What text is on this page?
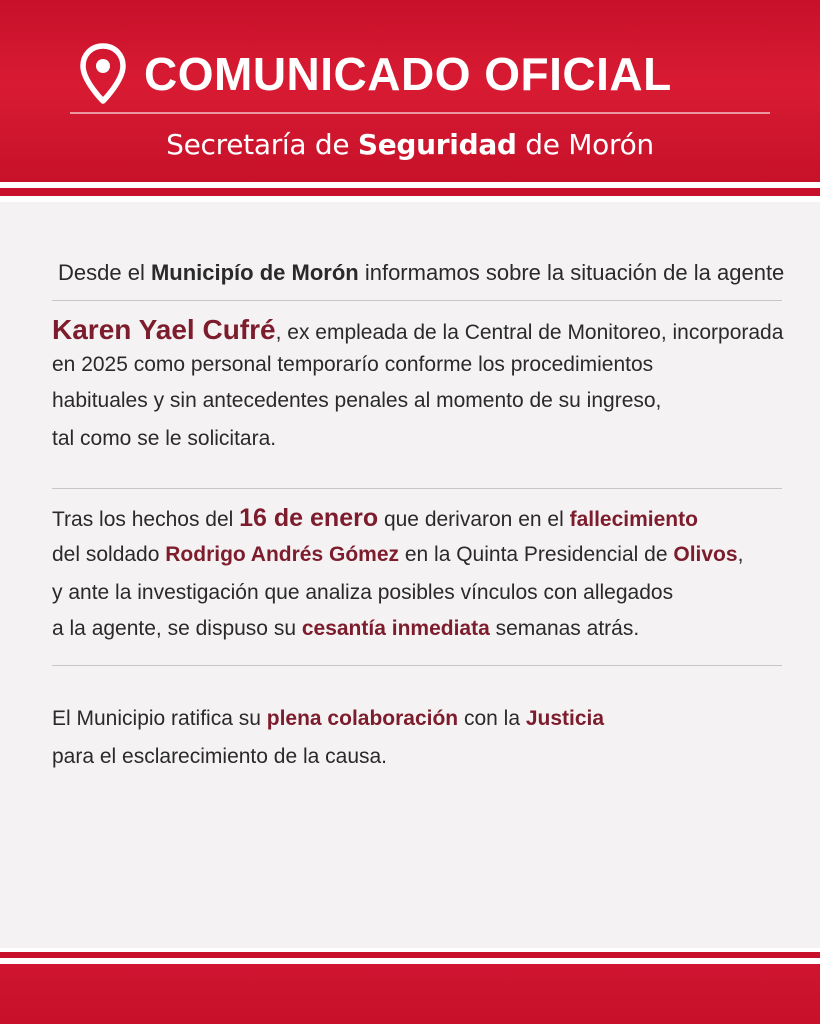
COMUNICADO OFICIAL
Secretaría de Seguridad de Morón
Desde el Municipío de Morón informamos sobre la situación de la agente
Karen Yael Cufré, ex empleada de la Central de Monitoreo, incorporada
en 2025 como personal temporarío conforme los procedimientos
habituales y sin antecedentes penales al momento de su ingreso,
tal como se le solicitara.
Tras los hechos del 16 de enero que derivaron en el fallecimiento
del soldado Rodrigo Andrés Gómez en la Quinta Presidencial de Olivos,
y ante la investigación que analiza posibles vínculos con allegados
a la agente, se dispuso su cesantía inmediata semanas atrás.
El Municipio ratifica su plena colaboración con la Justicia
para el esclarecimiento de la causa.
